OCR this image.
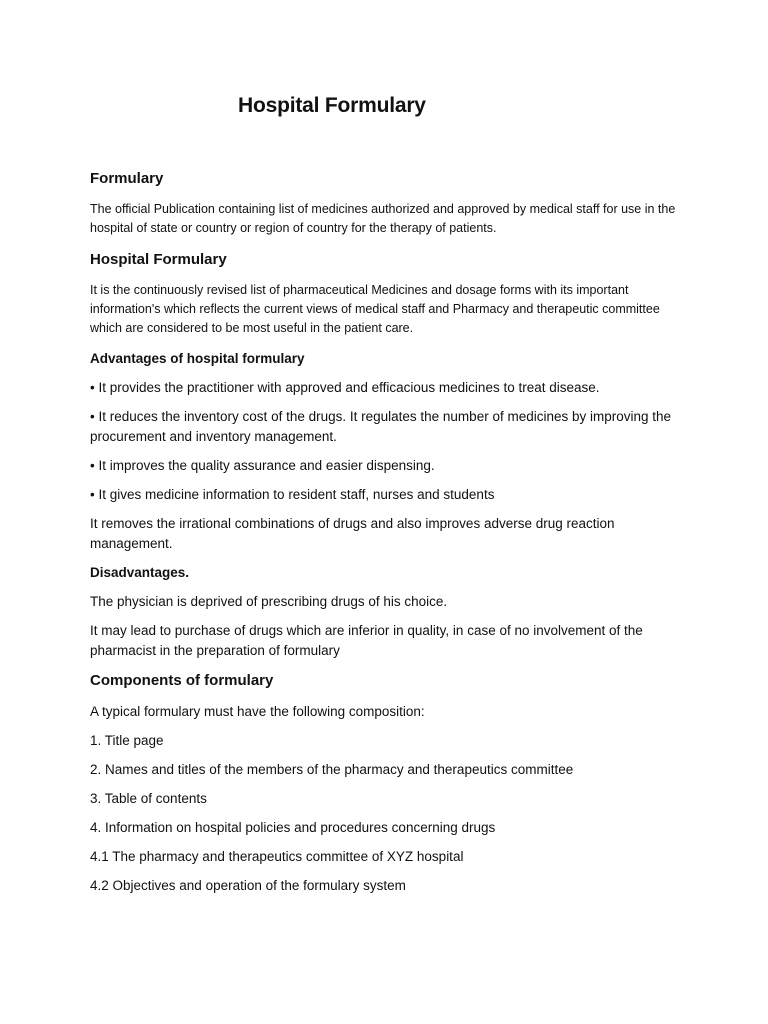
Hospital Formulary
Formulary

The official Publication containing list of medicines authorized and approved by medical staff for use in the hospital of state or country or region of country for the therapy of patients.

Hospital Formulary

It is the continuously revised list of pharmaceutical Medicines and dosage forms with its important information's which reflects the current views of medical staff and Pharmacy and therapeutic committee which are considered to be most useful in the patient care.

Advantages of hospital formulary

• It provides the practitioner with approved and efficacious medicines to treat disease.

• It reduces the inventory cost of the drugs. It regulates the number of medicines by improving the procurement and inventory management.

• It improves the quality assurance and easier dispensing.

• It gives medicine information to resident staff, nurses and students

It removes the irrational combinations of drugs and also improves adverse drug reaction management.

Disadvantages.

The physician is deprived of prescribing drugs of his choice.

It may lead to purchase of drugs which are inferior in quality, in case of no involvement of the pharmacist in the preparation of formulary

Components of formulary

A typical formulary must have the following composition:

1. Title page

2. Names and titles of the members of the pharmacy and therapeutics committee

3. Table of contents

4. Information on hospital policies and procedures concerning drugs

4.1 The pharmacy and therapeutics committee of XYZ hospital

4.2 Objectives and operation of the formulary system
